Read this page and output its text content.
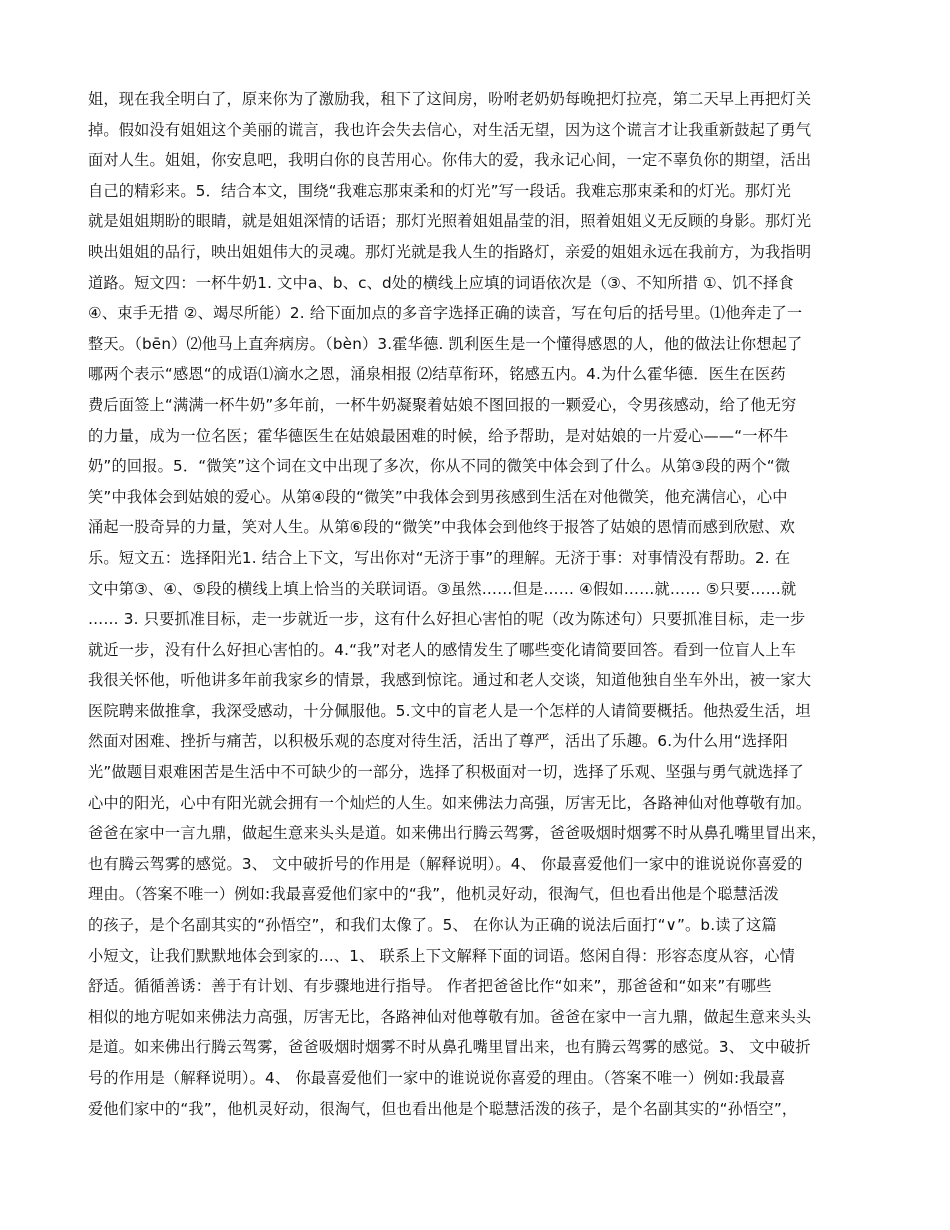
姐，现在我全明白了，原来你为了激励我，租下了这间房，吩咐老奶奶每晚把灯拉亮，第二天早上再把灯关

掉。假如没有姐姐这个美丽的谎言，我也许会失去信心，对生活无望，因为这个谎言才让我重新鼓起了勇气

面对人生。姐姐，你安息吧，我明白你的良苦用心。你伟大的爱，我永记心间，一定不辜负你的期望，活出

自己的精彩来。5．结合本文，围绕“我难忘那束柔和的灯光”写一段话。我难忘那束柔和的灯光。那灯光

就是姐姐期盼的眼睛，就是姐姐深情的话语；那灯光照着姐姐晶莹的泪，照着姐姐义无反顾的身影。那灯光

映出姐姐的品行，映出姐姐伟大的灵魂。那灯光就是我人生的指路灯，亲爱的姐姐永远在我前方，为我指明

道路。短文四：一杯牛奶1. 文中a、b、c、d处的横线上应填的词语依次是（③、不知所措 ①、饥不择食

④、束手无措 ②、竭尽所能）2. 给下面加点的多音字选择正确的读音，写在句后的括号里。⑴他奔走了一

整天。（bēn）⑵他马上直奔病房。（bèn）3.霍华德. 凯利医生是一个懂得感恩的人，他的做法让你想起了

哪两个表示“感恩“的成语⑴滴水之恩，涌泉相报 ⑵结草衔环，铭感五内。4.为什么霍华德．医生在医药

费后面签上“满满一杯牛奶”多年前，一杯牛奶凝聚着姑娘不图回报的一颗爱心，令男孩感动，给了他无穷

的力量，成为一位名医；霍华德医生在姑娘最困难的时候，给予帮助，是对姑娘的一片爱心——“一杯牛

奶”的回报。5．“微笑”这个词在文中出现了多次，你从不同的微笑中体会到了什么。从第③段的两个“微

笑”中我体会到姑娘的爱心。从第④段的“微笑”中我体会到男孩感到生活在对他微笑，他充满信心，心中

涌起一股奇异的力量，笑对人生。从第⑥段的“微笑”中我体会到他终于报答了姑娘的恩情而感到欣慰、欢

乐。短文五：选择阳光1. 结合上下文，写出你对“无济于事”的理解。无济于事：对事情没有帮助。2. 在

文中第③、④、⑤段的横线上填上恰当的关联词语。③虽然……但是…… ④假如……就…… ⑤只要……就

…… 3. 只要抓准目标，走一步就近一步，这有什么好担心害怕的呢（改为陈述句）只要抓准目标，走一步

就近一步，没有什么好担心害怕的。4.“我”对老人的感情发生了哪些变化请简要回答。看到一位盲人上车

我很关怀他，听他讲多年前我家乡的情景，我感到惊诧。通过和老人交谈，知道他独自坐车外出，被一家大

医院聘来做推拿，我深受感动，十分佩服他。5.文中的盲老人是一个怎样的人请简要概括。他热爱生活，坦

然面对困难、挫折与痛苦，以积极乐观的态度对待生活，活出了尊严，活出了乐趣。6.为什么用“选择阳

光”做题目艰难困苦是生活中不可缺少的一部分，选择了积极面对一切，选择了乐观、坚强与勇气就选择了

心中的阳光，心中有阳光就会拥有一个灿烂的人生。如来佛法力高强，厉害无比，各路神仙对他尊敬有加。

爸爸在家中一言九鼎，做起生意来头头是道。如来佛出行腾云驾雾，爸爸吸烟时烟雾不时从鼻孔嘴里冒出来，

也有腾云驾雾的感觉。3、 文中破折号的作用是（解释说明）。4、 你最喜爱他们一家中的谁说说你喜爱的

理由。（答案不唯一）例如:我最喜爱他们家中的“我”，他机灵好动，很淘气，但也看出他是个聪慧活泼

的孩子，是个名副其实的“孙悟空”，和我们太像了。5、 在你认为正确的说法后面打“∨”。b.读了这篇

小短文，让我们默默地体会到家的...、1、 联系上下文解释下面的词语。悠闲自得：形容态度从容，心情

舒适。循循善诱：善于有计划、有步骤地进行指导。 作者把爸爸比作“如来”，那爸爸和“如来”有哪些

相似的地方呢如来佛法力高强，厉害无比，各路神仙对他尊敬有加。爸爸在家中一言九鼎，做起生意来头头

是道。如来佛出行腾云驾雾，爸爸吸烟时烟雾不时从鼻孔嘴里冒出来，也有腾云驾雾的感觉。3、 文中破折

号的作用是（解释说明）。4、 你最喜爱他们一家中的谁说说你喜爱的理由。（答案不唯一）例如:我最喜

爱他们家中的“我”，他机灵好动，很淘气，但也看出他是个聪慧活泼的孩子，是个名副其实的“孙悟空”，
